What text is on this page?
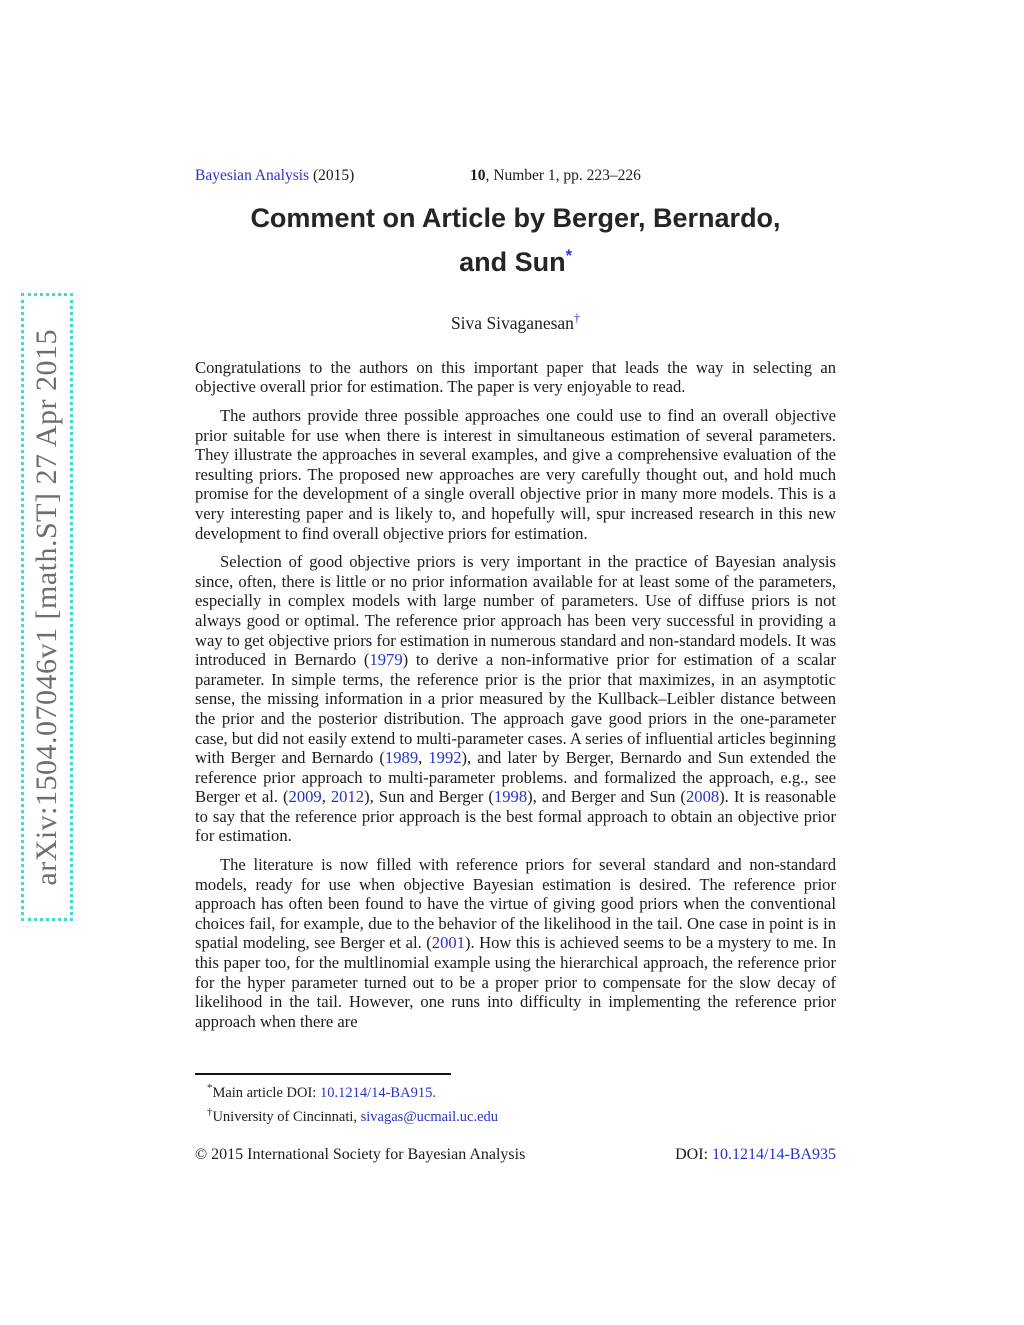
arXiv:1504.07046v1 [math.ST] 27 Apr 2015
Bayesian Analysis (2015)	10, Number 1, pp. 223–226
Comment on Article by Berger, Bernardo,
and Sun*
Siva Sivaganesan†

Congratulations to the authors on this important paper that leads the way in selecting an objective overall prior for estimation. The paper is very enjoyable to read.

The authors provide three possible approaches one could use to find an overall objective prior suitable for use when there is interest in simultaneous estimation of several parameters. They illustrate the approaches in several examples, and give a comprehensive evaluation of the resulting priors. The proposed new approaches are very carefully thought out, and hold much promise for the development of a single overall objective prior in many more models. This is a very interesting paper and is likely to, and hopefully will, spur increased research in this new development to find overall objective priors for estimation.

Selection of good objective priors is very important in the practice of Bayesian analysis since, often, there is little or no prior information available for at least some of the parameters, especially in complex models with large number of parameters. Use of diffuse priors is not always good or optimal. The reference prior approach has been very successful in providing a way to get objective priors for estimation in numerous standard and non-standard models. It was introduced in Bernardo (1979) to derive a non-informative prior for estimation of a scalar parameter. In simple terms, the reference prior is the prior that maximizes, in an asymptotic sense, the missing information in a prior measured by the Kullback–Leibler distance between the prior and the posterior distribution. The approach gave good priors in the one-parameter case, but did not easily extend to multi-parameter cases. A series of influential articles beginning with Berger and Bernardo (1989, 1992), and later by Berger, Bernardo and Sun extended the reference prior approach to multi-parameter problems. and formalized the approach, e.g., see Berger et al. (2009, 2012), Sun and Berger (1998), and Berger and Sun (2008). It is reasonable to say that the reference prior approach is the best formal approach to obtain an objective prior for estimation.

The literature is now filled with reference priors for several standard and non-standard models, ready for use when objective Bayesian estimation is desired. The reference prior approach has often been found to have the virtue of giving good priors when the conventional choices fail, for example, due to the behavior of the likelihood in the tail. One case in point is in spatial modeling, see Berger et al. (2001). How this is achieved seems to be a mystery to me. In this paper too, for the multlinomial example using the hierarchical approach, the reference prior for the hyper parameter turned out to be a proper prior to compensate for the slow decay of likelihood in the tail. However, one runs into difficulty in implementing the reference prior approach when there are

*Main article DOI: 10.1214/14-BA915.
†University of Cincinnati, sivagas@ucmail.uc.edu
© 2015 International Society for Bayesian Analysis	DOI: 10.1214/14-BA935
